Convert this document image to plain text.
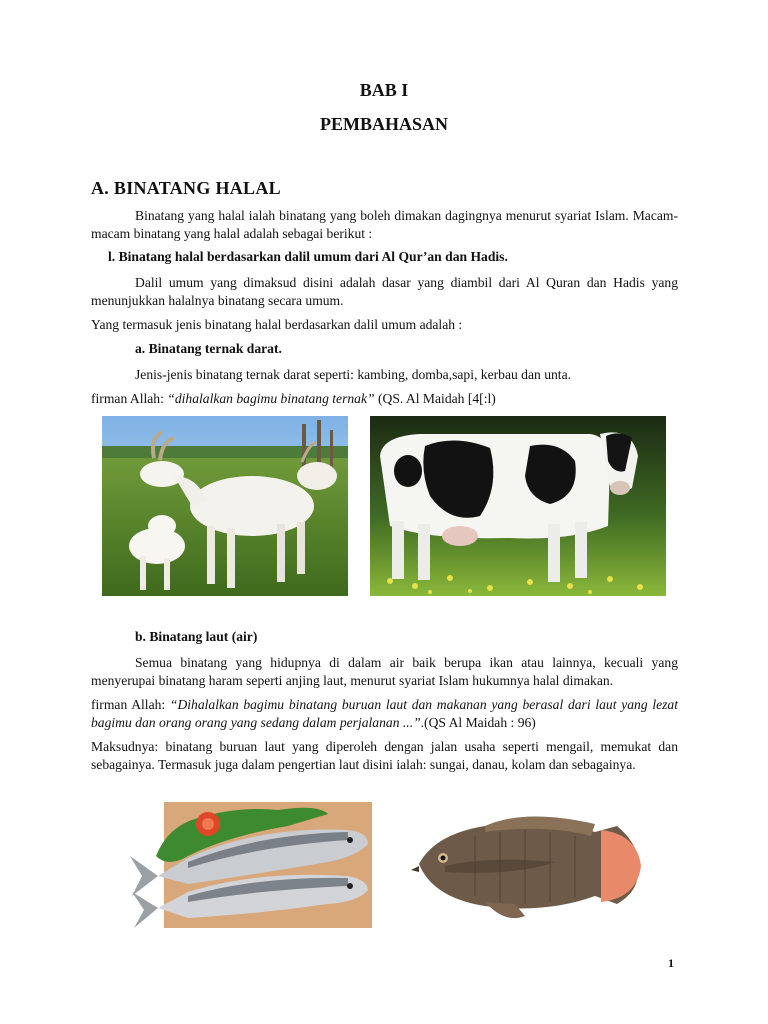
BAB I
PEMBAHASAN
A. BINATANG HALAL
Binatang yang halal ialah binatang yang boleh dimakan dagingnya menurut syariat Islam. Macam-macam binatang yang halal adalah sebagai berikut :
l. Binatang halal berdasarkan dalil umum dari Al Qur’an dan Hadis.
Dalil umum yang dimaksud disini adalah dasar yang diambil dari Al Quran dan Hadis yang menunjukkan halalnya binatang secara umum.
Yang termasuk jenis binatang halal berdasarkan dalil umum adalah :
a. Binatang ternak darat.
Jenis-jenis binatang ternak darat seperti: kambing, domba,sapi, kerbau dan unta.
firman Allah: “dihalalkan bagimu binatang ternak” (QS. Al Maidah [4[:l)
b. Binatang laut (air)
Semua binatang yang hidupnya di dalam air baik berupa ikan atau lainnya, kecuali yang menyerupai binatang haram seperti anjing laut, menurut syariat Islam hukumnya halal dimakan.
firman Allah: “Dihalalkan bagimu binatang buruan laut dan makanan yang berasal dari laut yang lezat bagimu dan orang orang yang sedang dalam perjalanan ...”.(QS Al Maidah : 96)
Maksudnya: binatang buruan laut yang diperoleh dengan jalan usaha seperti mengail, memukat dan sebagainya. Termasuk juga dalam pengertian laut disini ialah: sungai, danau, kolam dan sebagainya.
1
